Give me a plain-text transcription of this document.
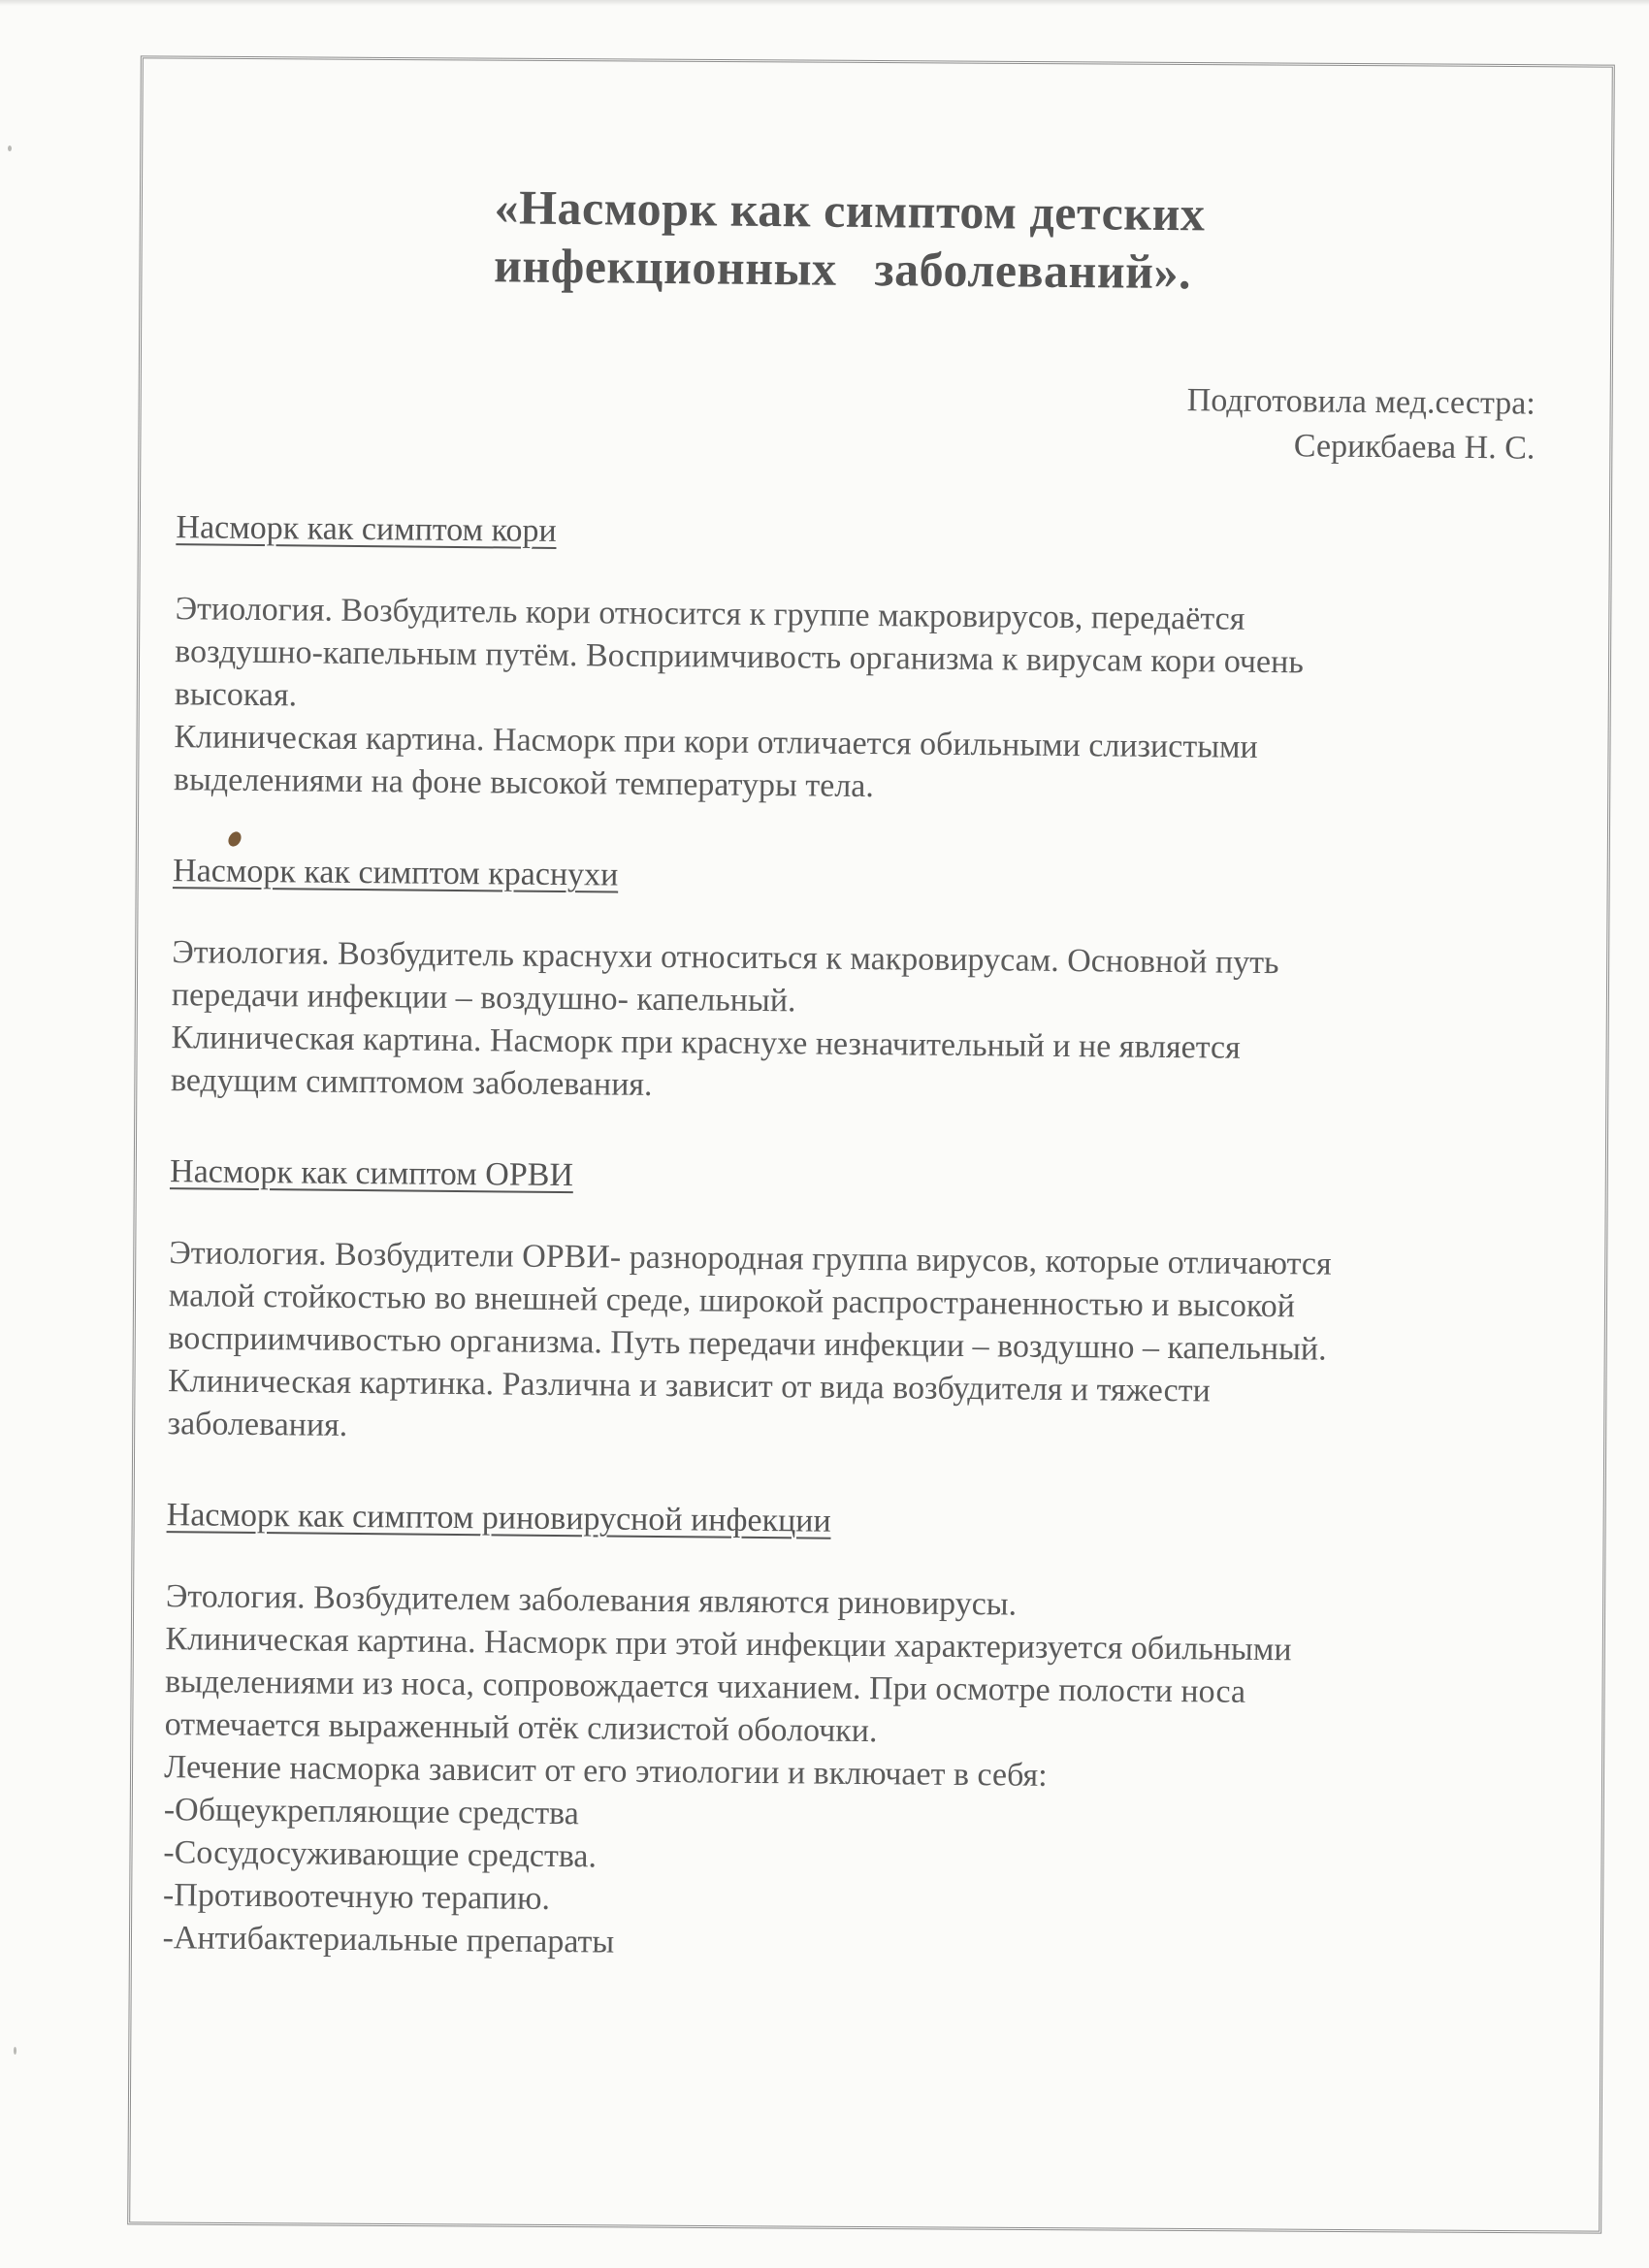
«Насморк как симптом детских
инфекционных   заболеваний».
Подготовила мед.сестра:
Серикбаева Н. С.
Насморк как симптом кори
Этиология. Возбудитель кори относится к группе макровирусов, передаётся
воздушно-капельным путём. Восприимчивость организма к вирусам кори очень
высокая.
Клиническая картина. Насморк при кори отличается обильными слизистыми
выделениями на фоне высокой температуры тела.
Насморк как симптом краснухи
Этиология. Возбудитель краснухи относиться к макровирусам. Основной путь
передачи инфекции – воздушно- капельный.
Клиническая картина. Насморк при краснухе незначительный и не является
ведущим симптомом заболевания.
Насморк как симптом ОРВИ
Этиология. Возбудители ОРВИ- разнородная группа вирусов, которые отличаются
малой стойкостью во внешней среде, широкой распространенностью и высокой
восприимчивостью организма. Путь передачи инфекции – воздушно – капельный.
Клиническая картинка. Различна и зависит от вида возбудителя и тяжести
заболевания.
Насморк как симптом риновирусной инфекции
Этология. Возбудителем заболевания являются риновирусы.
Клиническая картина. Насморк при этой инфекции характеризуется обильными
выделениями из носа, сопровождается чиханием. При осмотре полости носа
отмечается выраженный отёк слизистой оболочки.
Лечение насморка зависит от его этиологии и включает в себя:
-Общеукрепляющие средства
-Сосудосуживающие средства.
-Противоотечную терапию.
-Антибактериальные препараты
